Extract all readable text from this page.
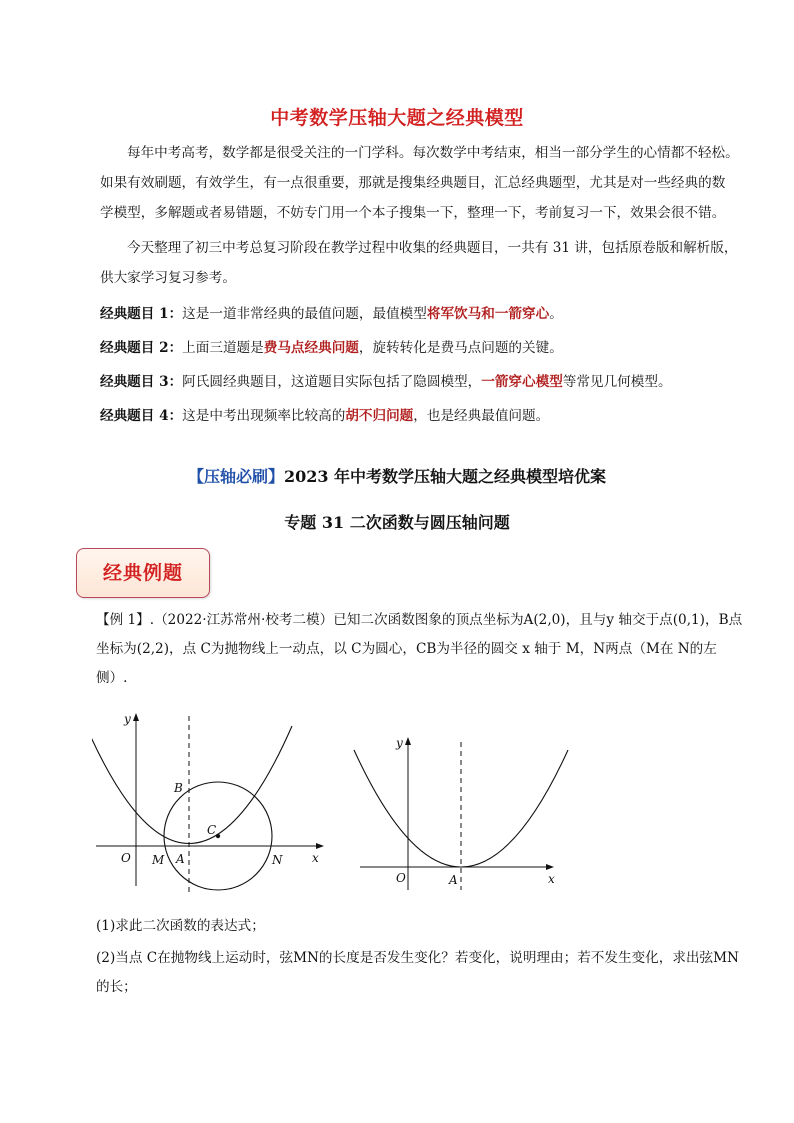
中考数学压轴大题之经典模型
每年中考高考，数学都是很受关注的一门学科。每次数学中考结束，相当一部分学生的心情都不轻松。
如果有效刷题，有效学生，有一点很重要，那就是搜集经典题目，汇总经典题型，尤其是对一些经典的数
学模型，多解题或者易错题，不妨专门用一个本子搜集一下，整理一下，考前复习一下，效果会很不错。
今天整理了初三中考总复习阶段在教学过程中收集的经典题目，一共有 31 讲，包括原卷版和解析版，
供大家学习复习参考。
经典题目 1：这是一道非常经典的最值问题，最值模型将军饮马和一箭穿心。
经典题目 2：上面三道题是费马点经典问题，旋转转化是费马点问题的关键。
经典题目 3：阿氏圆经典题目，这道题目实际包括了隐圆模型，一箭穿心模型等常见几何模型。
经典题目 4：这是中考出现频率比较高的胡不归问题，也是经典最值问题。
【压轴必刷】2023 年中考数学压轴大题之经典模型培优案
专题 31 二次函数与圆压轴问题
经典例题
【例 1】.（2022·江苏常州·校考二模）已知二次函数图象的顶点坐标为A(2,0)，且与y 轴交于点(0,1)，B点
坐标为(2,2)，点 C为抛物线上一动点，以 C为圆心，CB为半径的圆交 x 轴于 M，N两点（M在 N的左
侧）.
y
x
O M A	N
B
C
y
x
O	A
(1)求此二次函数的表达式；
(2)当点 C在抛物线上运动时，弦MN的长度是否发生变化？若变化，说明理由；若不发生变化，求出弦MN
的长；
